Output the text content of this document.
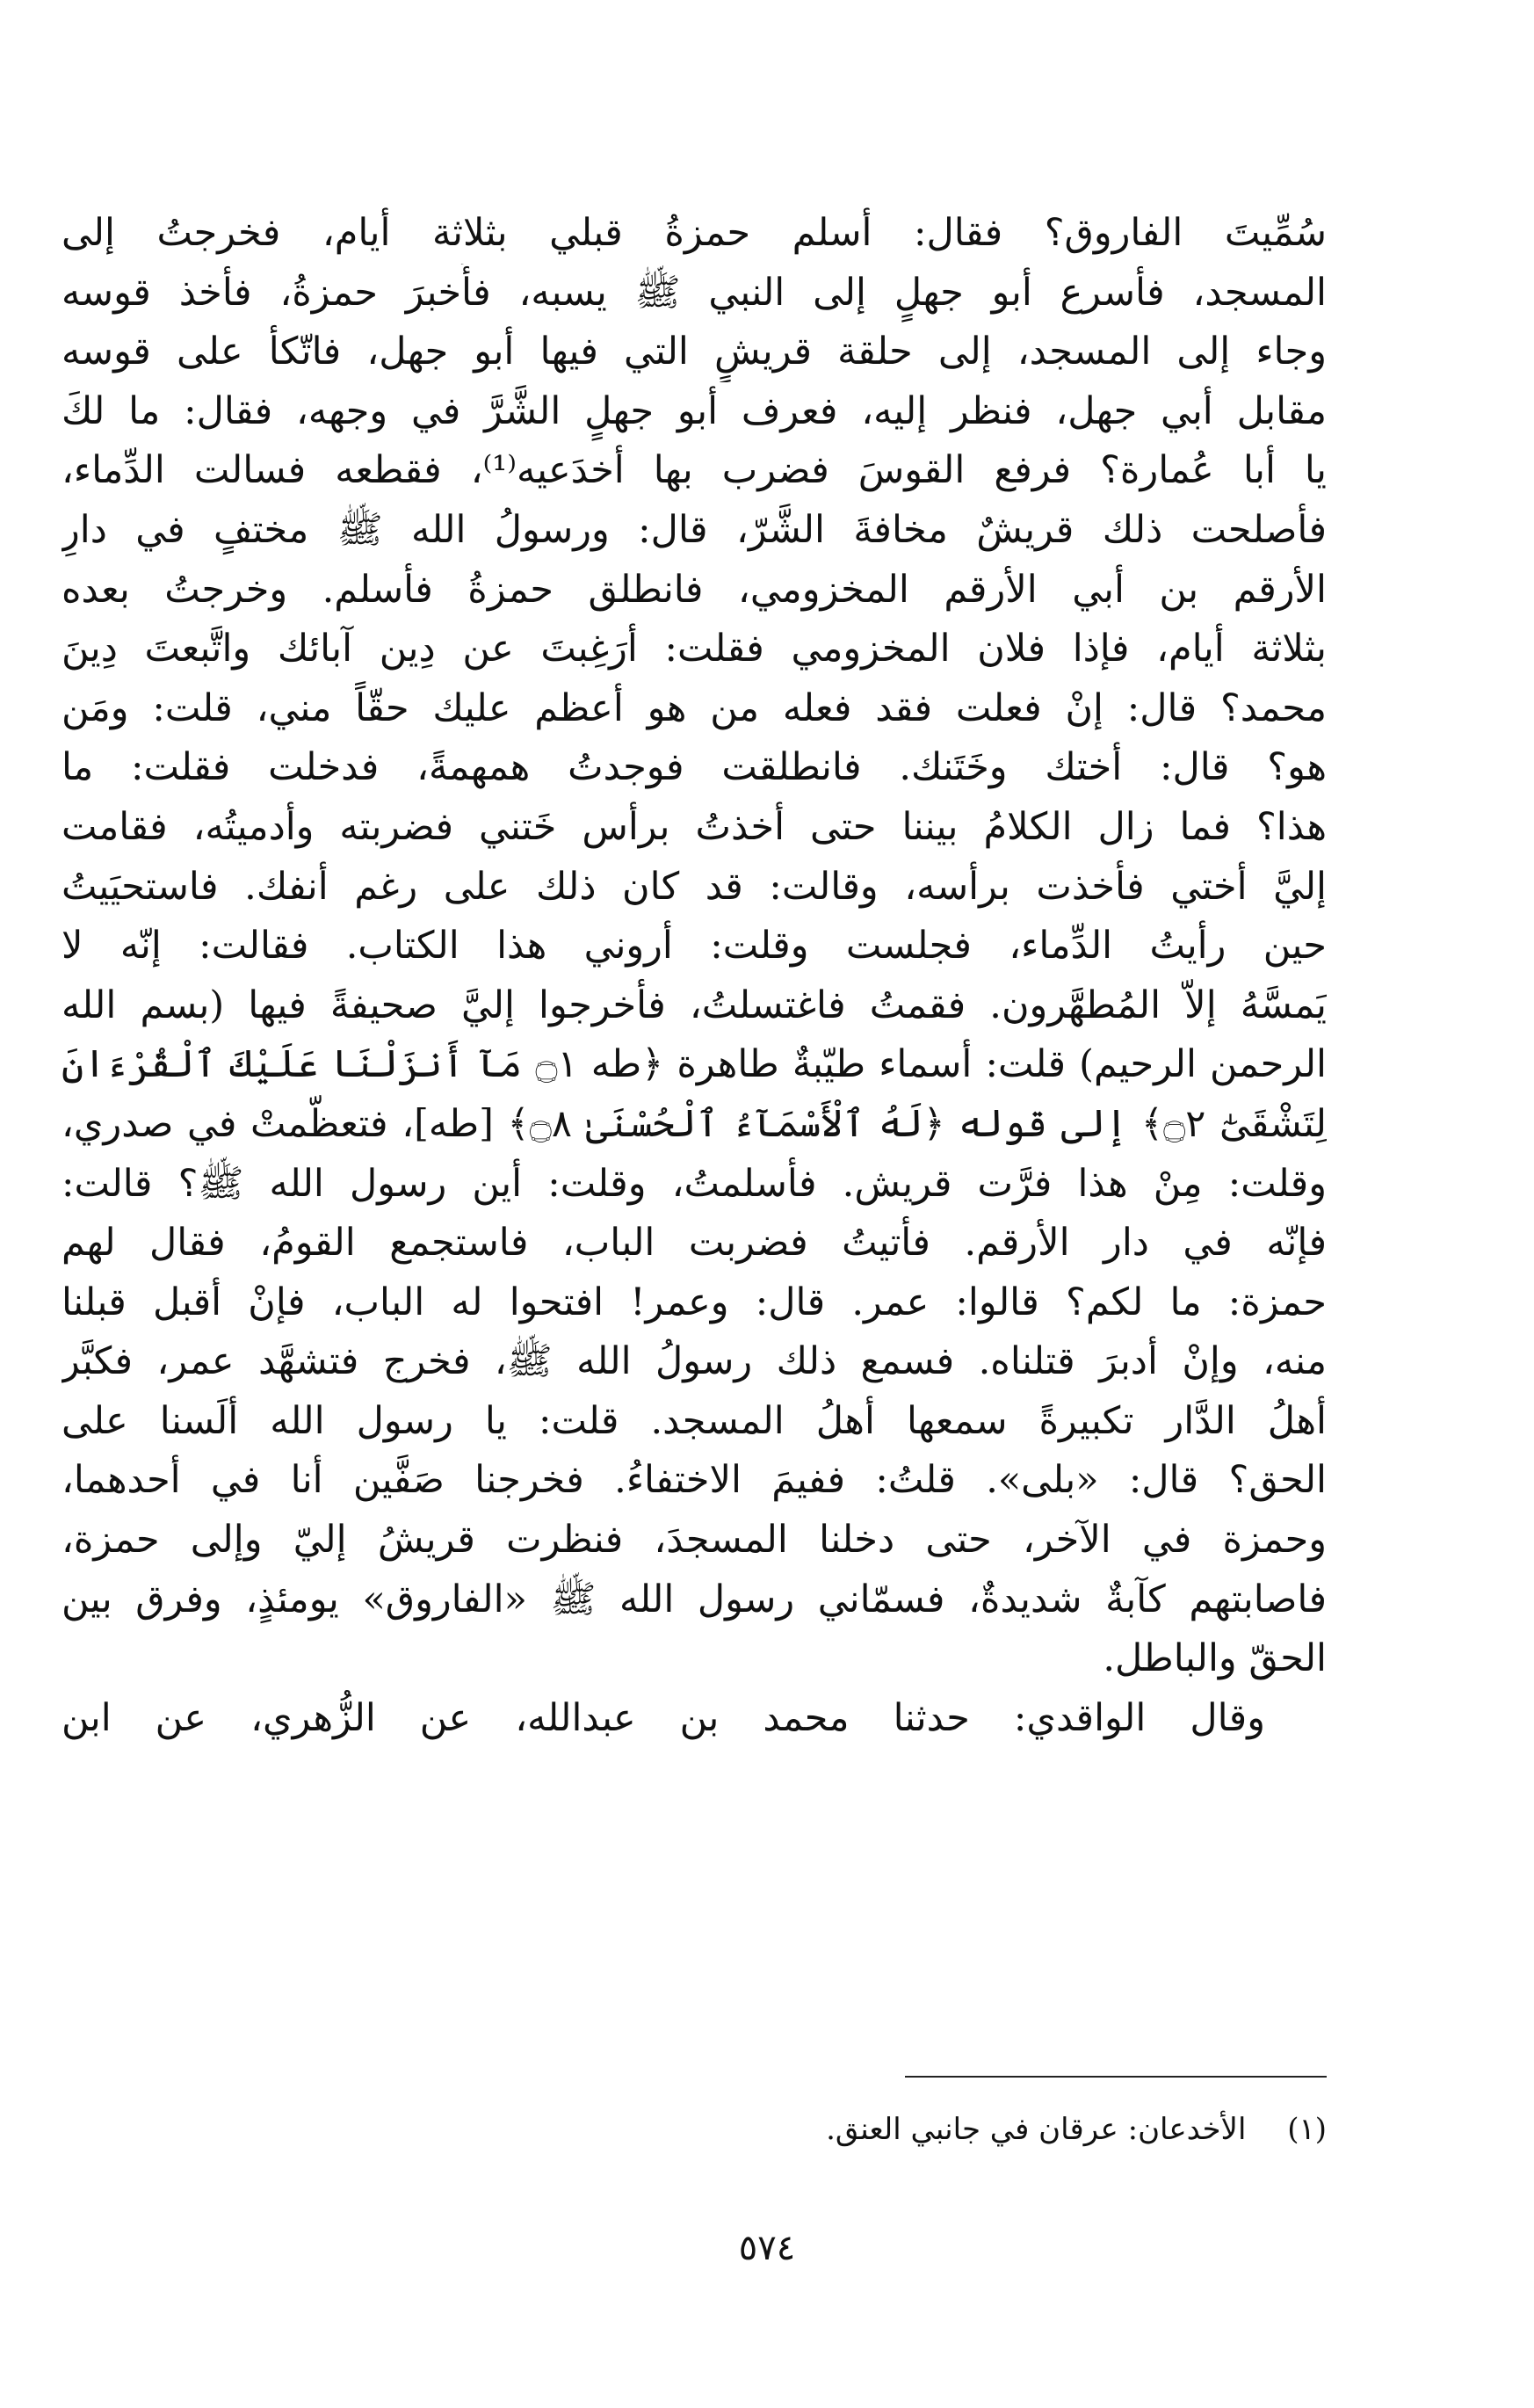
سُمِّيتَ الفاروق؟ فقال: أسلم حمزةُ قبلي بثلاثة أيام، فخرجتُ إلى
المسجد، فأسرع أبو جهلٍ إلى النبي ﷺ يسبه، فأُخبرَ حمزةُ، فأخذ قوسه
وجاء إلى المسجد، إلى حلقة قريشٍ التي فيها أبو جهل، فاتّكأ على قوسه
مقابل أبي جهل، فنظر إليه، فعرف أبو جهلٍ الشَّرَّ في وجهه، فقال: ما لكَ
يا أبا عُمارة؟ فرفع القوسَ فضرب بها أخدَعيه⁽¹⁾، فقطعه فسالت الدِّماء،
فأصلحت ذلك قريشٌ مخافةَ الشَّرّ، قال: ورسولُ الله ﷺ مختفٍ في دارِ
الأرقم بن أبي الأرقم المخزومي، فانطلق حمزةُ فأسلم. وخرجتُ بعده
بثلاثة أيام، فإذا فلان المخزومي فقلت: أرَغِبتَ عن دِين آبائك واتَّبعتَ دِينَ
محمد؟ قال: إنْ فعلت فقد فعله من هو أعظم عليك حقّاً مني، قلت: ومَن
هو؟ قال: أختك وخَتَنك. فانطلقت فوجدتُ همهمةً، فدخلت فقلت: ما
هذا؟ فما زال الكلامُ بيننا حتى أخذتُ برأس خَتني فضربته وأدميتُه، فقامت
إليَّ أختي فأخذت برأسه، وقالت: قد كان ذلك على رغم أنفك. فاستحيَيتُ
حين رأيتُ الدِّماء، فجلست وقلت: أروني هذا الكتاب. فقالت: إنّه لا
يَمسَّهُ إلاّ المُطهَّرون. فقمتُ فاغتسلتُ، فأخرجوا إليَّ صحيفةً فيها (بسم الله
الرحمن الرحيم) قلت: أسماء طيّبةٌ طاهرة ﴿طه ۝١ مَآ أَنزَلْنَا عَلَيْكَ ٱلْقُرْءَانَ
لِتَشْقَىٰٓ ۝٢﴾ إلى قوله ﴿لَهُ ٱلْأَسْمَآءُ ٱلْحُسْنَىٰ ۝٨﴾ [طه]، فتعظَّمتْ في صدري،
وقلت: مِنْ هذا فرَّت قريش. فأسلمتُ، وقلت: أين رسول الله ﷺ؟ قالت:
فإنّه في دار الأرقم. فأتيتُ فضربت الباب، فاستجمع القومُ، فقال لهم
حمزة: ما لكم؟ قالوا: عمر. قال: وعمر! افتحوا له الباب، فإنْ أقبل قبلنا
منه، وإنْ أدبرَ قتلناه. فسمع ذلك رسولُ الله ﷺ، فخرج فتشهَّد عمر، فكبَّر
أهلُ الدَّار تكبيرةً سمعها أهلُ المسجد. قلت: يا رسول الله ألَسنا على
الحق؟ قال: «بلى». قلتُ: ففيمَ الاختفاءُ. فخرجنا صَفَّين أنا في أحدهما،
وحمزة في الآخر، حتى دخلنا المسجدَ، فنظرت قريشُ إليّ وإلى حمزة،
فاصابتهم كآبةٌ شديدةٌ، فسمّاني رسول الله ﷺ «الفاروق» يومئذٍ، وفرق بين
الحقّ والباطل.
وقال الواقدي: حدثنا محمد بن عبدالله، عن الزُّهري، عن ابن
(١) الأخدعان: عرقان في جانبي العنق.
٥٧٤
